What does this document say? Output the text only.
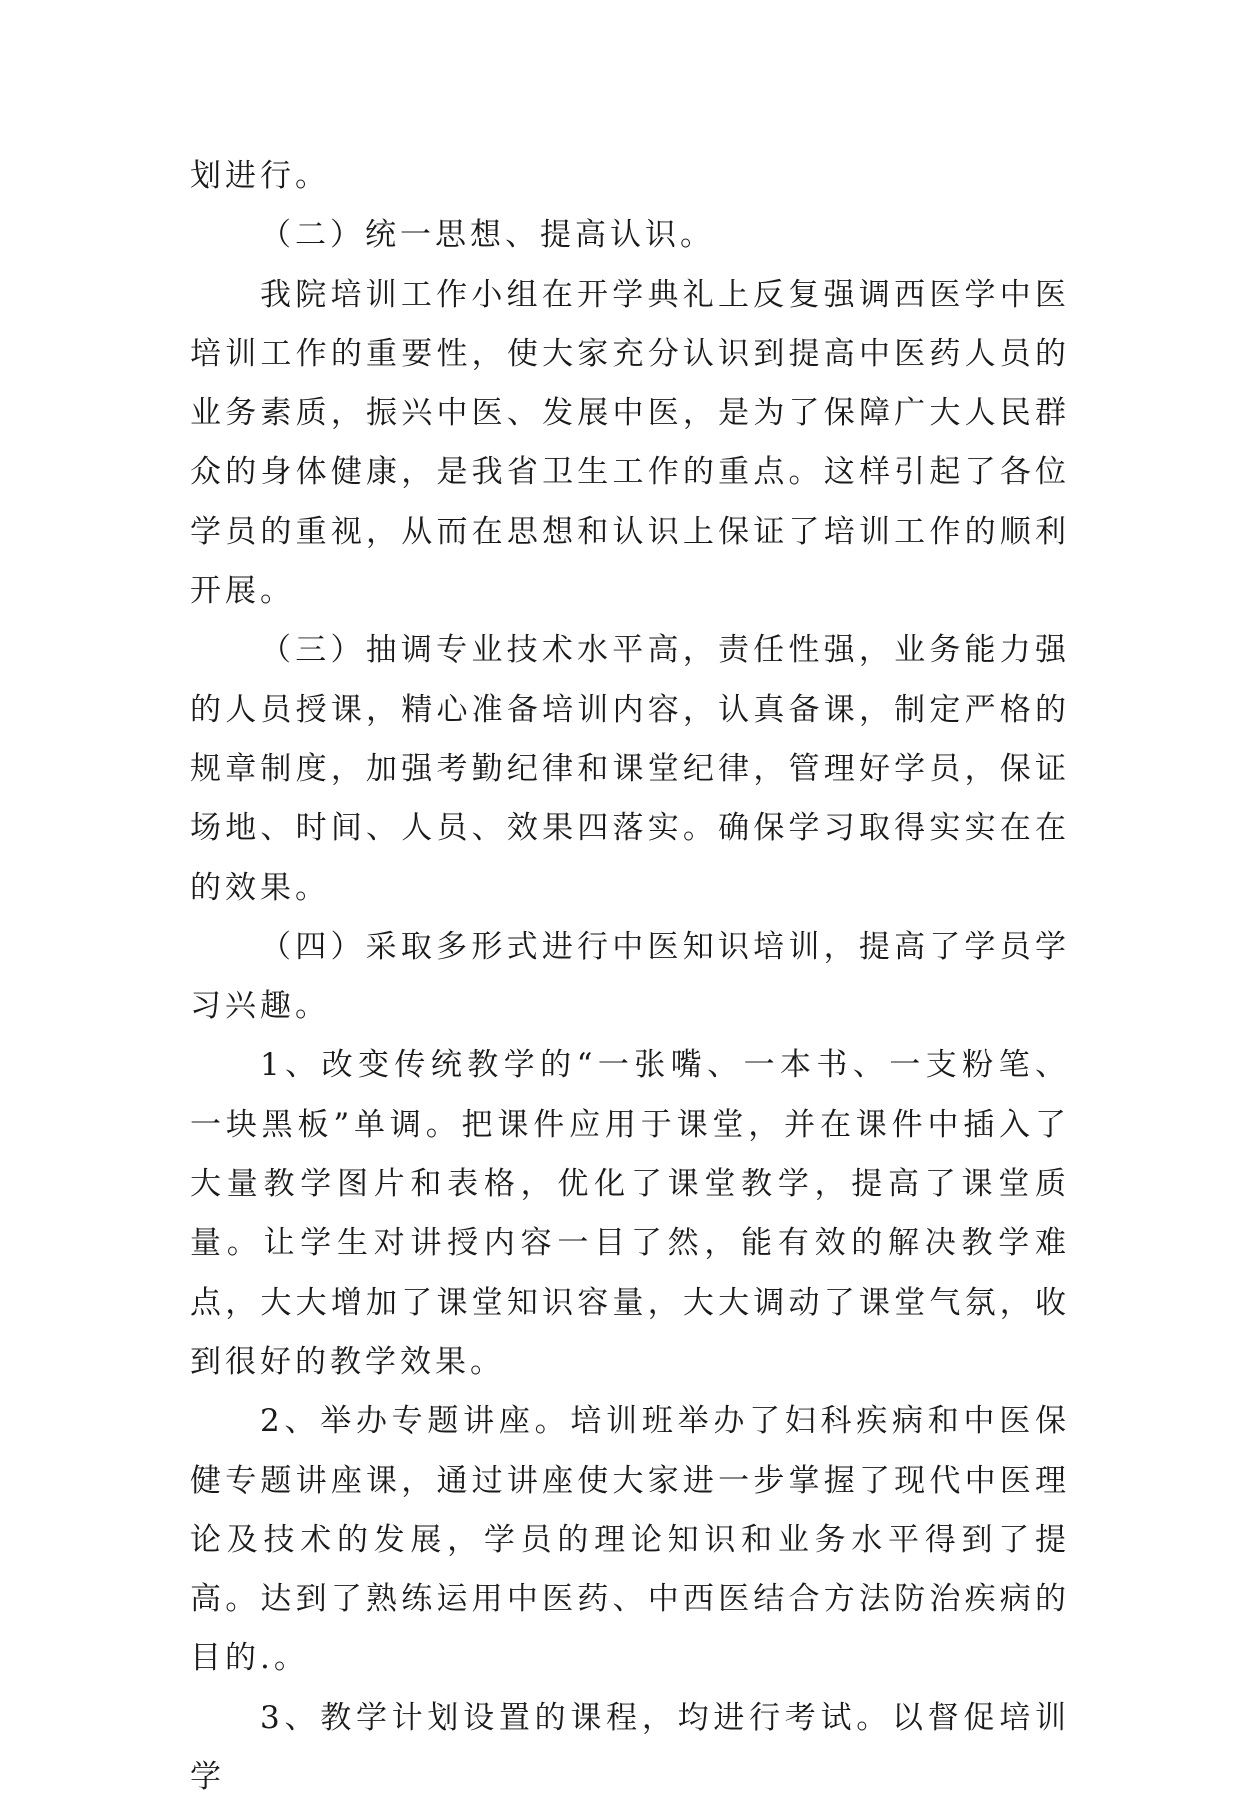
划进行。

（二）统一思想、提高认识。

我院培训工作小组在开学典礼上反复强调西医学中医培训工作的重要性，使大家充分认识到提高中医药人员的业务素质，振兴中医、发展中医，是为了保障广大人民群众的身体健康，是我省卫生工作的重点。这样引起了各位学员的重视，从而在思想和认识上保证了培训工作的顺利开展。

（三）抽调专业技术水平高，责任性强，业务能力强的人员授课，精心准备培训内容，认真备课，制定严格的规章制度，加强考勤纪律和课堂纪律，管理好学员，保证场地、时间、人员、效果四落实。确保学习取得实实在在的效果。

（四）采取多形式进行中医知识培训，提高了学员学习兴趣。

1、改变传统教学的“一张嘴、一本书、一支粉笔、一块黑板”单调。把课件应用于课堂，并在课件中插入了大量教学图片和表格，优化了课堂教学，提高了课堂质量。让学生对讲授内容一目了然，能有效的解决教学难点，大大增加了课堂知识容量，大大调动了课堂气氛，收到很好的教学效果。

2、举办专题讲座。培训班举办了妇科疾病和中医保健专题讲座课，通过讲座使大家进一步掌握了现代中医理论及技术的发展，学员的理论知识和业务水平得到了提高。达到了熟练运用中医药、中西医结合方法防治疾病的目的.。

3、教学计划设置的课程，均进行考试。以督促培训学
